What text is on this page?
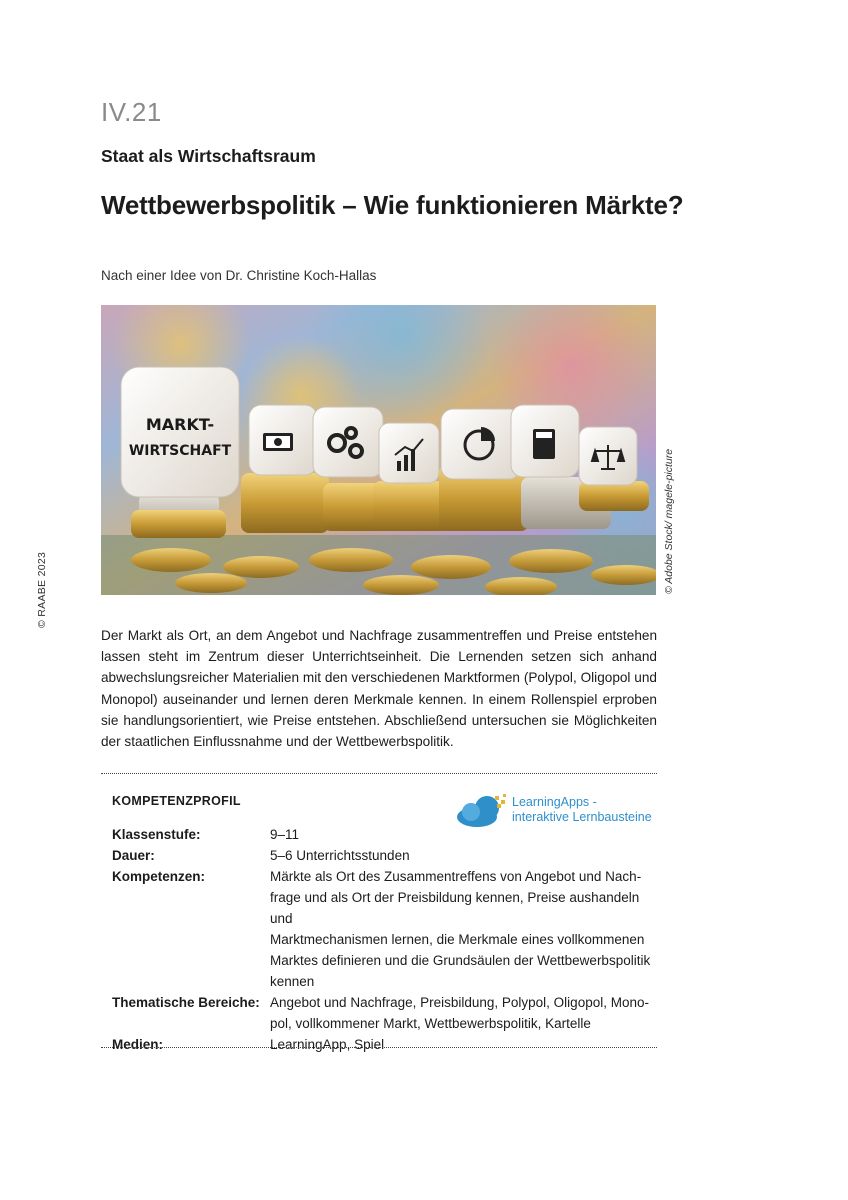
IV.21
Staat als Wirtschaftsraum
Wettbewerbspolitik – Wie funktionieren Märkte?
Nach einer Idee von Dr. Christine Koch-Hallas
MARKT-
WIRTSCHAFT	© Adobe Stock/ magele-picture
© RAABE 2023
Der Markt als Ort, an dem Angebot und Nachfrage zusammentreffen und Preise entstehen lassen steht im Zentrum dieser Unterrichtseinheit. Die Lernenden setzen sich anhand abwechslungsreicher Materialien mit den verschiedenen Marktformen (Polypol, Oligopol und Monopol) auseinander und lernen deren Merkmale kennen. In einem Rollenspiel erproben sie handlungsorientiert, wie Preise entstehen. Abschließend untersuchen sie Möglichkeiten der staatlichen Einflussnahme und der Wettbewerbspolitik.
KOMPETENZPROFIL	LearningApps -
interaktive Lernbausteine
Klassenstufe:	9–11
Dauer:	5–6 Unterrichtsstunden
Kompetenzen:	Märkte als Ort des Zusammentreffens von Angebot und Nach-
frage und als Ort der Preisbildung kennen, Preise aushandeln und
Marktmechanismen lernen, die Merkmale eines vollkommenen
Marktes definieren und die Grundsäulen der Wettbewerbspolitik
kennen
Thematische Bereiche: Angebot und Nachfrage, Preisbildung, Polypol, Oligopol, Mono-
pol, vollkommener Markt, Wettbewerbspolitik, Kartelle
Medien:	LearningApp, Spiel
